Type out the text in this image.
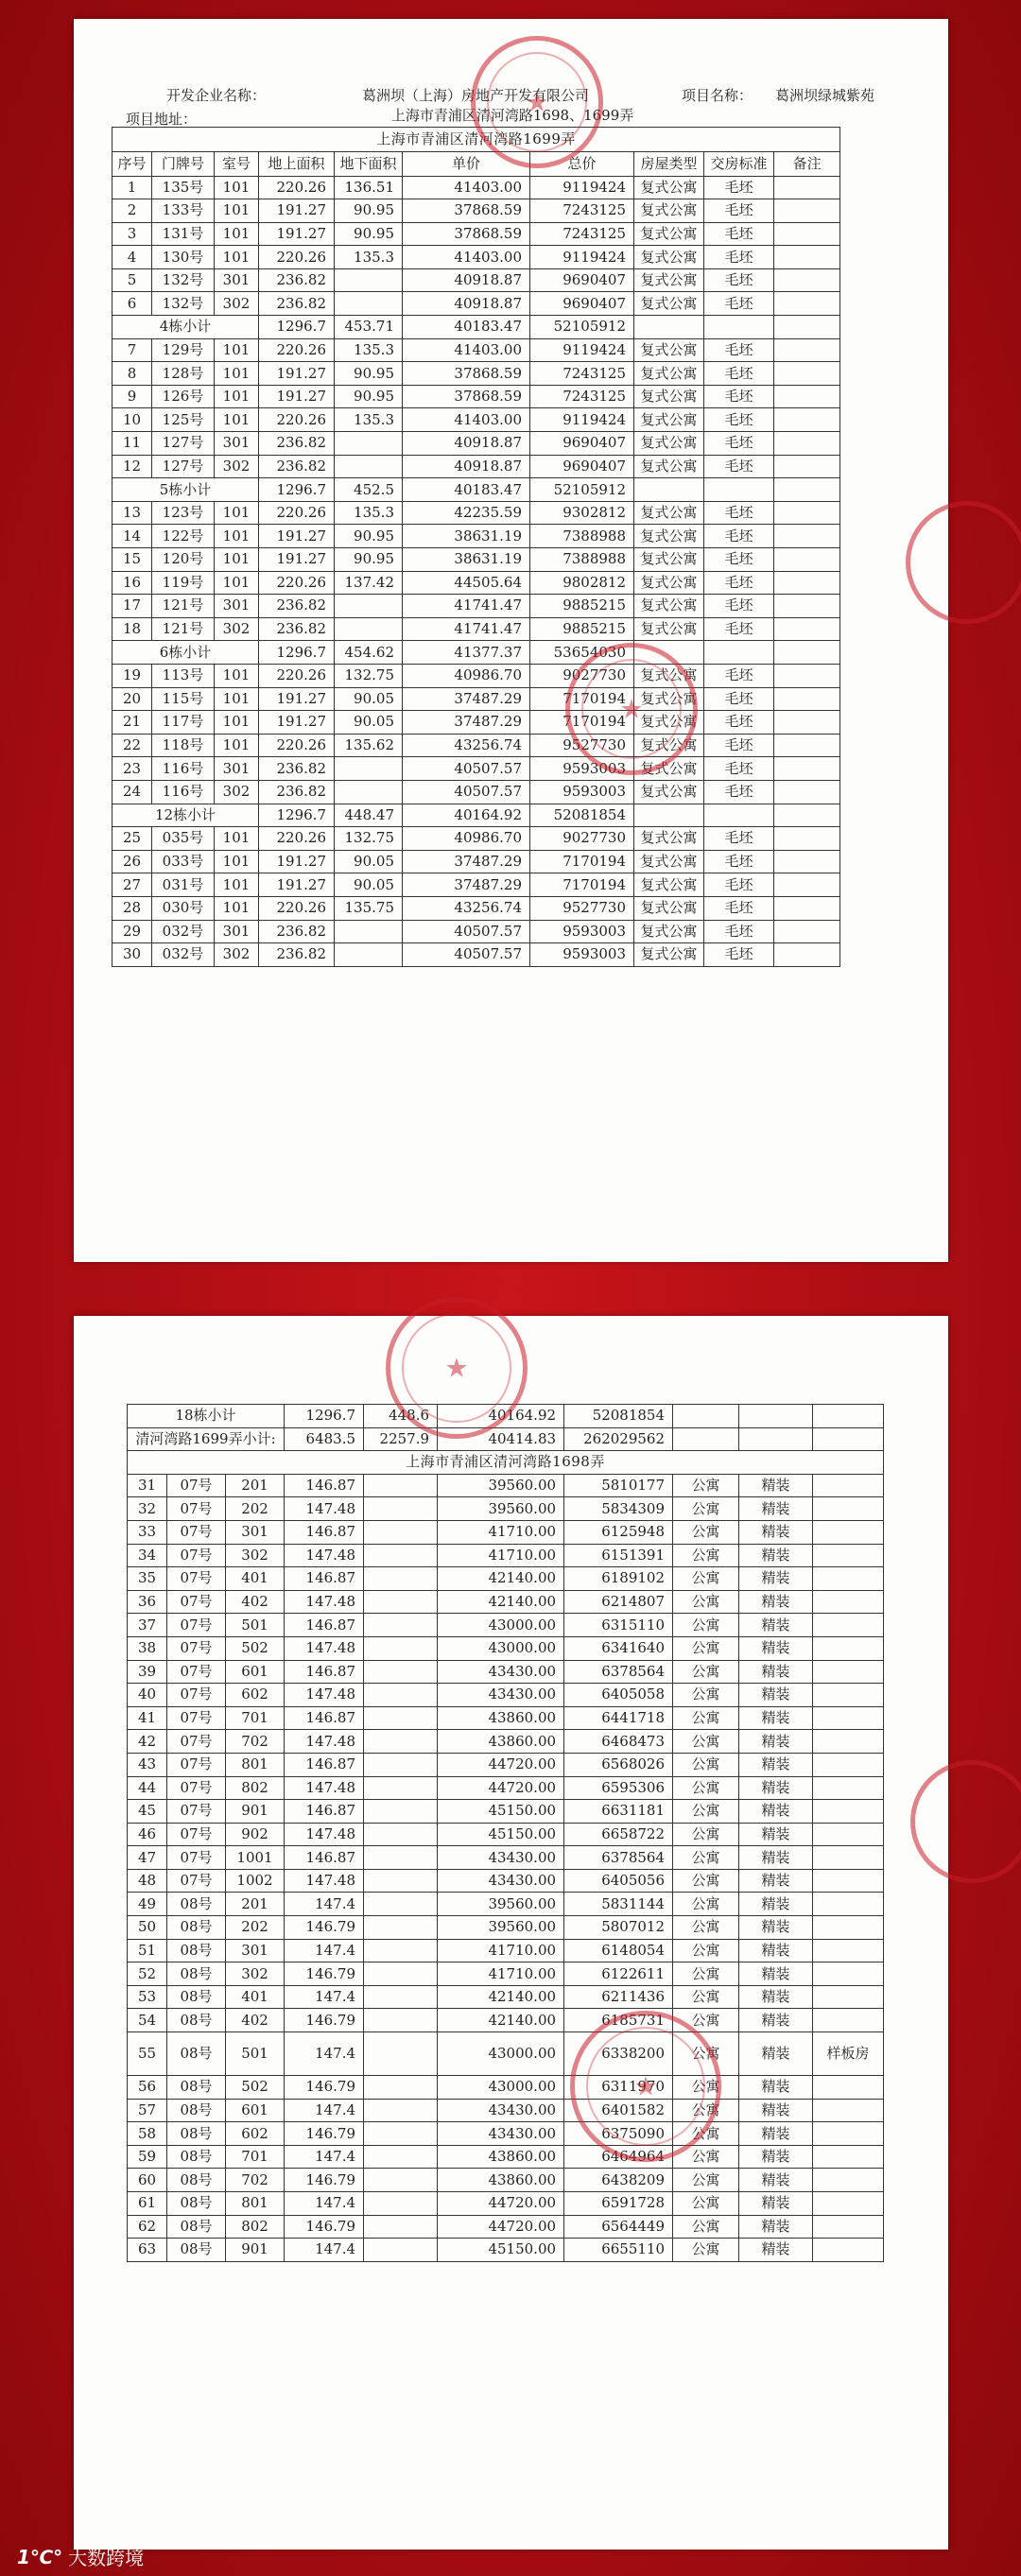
开发企业名称：	葛洲坝（上海）房地产开发有限公司	项目名称： 葛洲坝绿城紫苑
项目地址：	上海市青浦区清河湾路1698、1699弄									
上海市青浦区清河湾路1699弄									
序号	门牌号	室号	地上面积	地下面积	单价	总价	房屋类型	交房标准	备注
1	135号	101	220.26	136.51	41403.00	9119424	复式公寓	毛坯	
2	133号	101	191.27	90.95	37868.59	7243125	复式公寓	毛坯	
3	131号	101	191.27	90.95	37868.59	7243125	复式公寓	毛坯	
4	130号	101	220.26	135.3	41403.00	9119424	复式公寓	毛坯	
5	132号	301	236.82		40918.87	9690407	复式公寓	毛坯	
6	132号	302	236.82		40918.87	9690407	复式公寓	毛坯	
4栋小计			1296.7	453.71	40183.47	52105912			
7	129号	101	220.26	135.3	41403.00	9119424	复式公寓	毛坯	
8	128号	101	191.27	90.95	37868.59	7243125	复式公寓	毛坯	
9	126号	101	191.27	90.95	37868.59	7243125	复式公寓	毛坯	
10	125号	101	220.26	135.3	41403.00	9119424	复式公寓	毛坯	
11	127号	301	236.82		40918.87	9690407	复式公寓	毛坯	
12	127号	302	236.82		40918.87	9690407	复式公寓	毛坯	
5栋小计			1296.7	452.5	40183.47	52105912			
13	123号	101	220.26	135.3	42235.59	9302812	复式公寓	毛坯	
14	122号	101	191.27	90.95	38631.19	7388988	复式公寓	毛坯	
15	120号	101	191.27	90.95	38631.19	7388988	复式公寓	毛坯	
16	119号	101	220.26	137.42	44505.64	9802812	复式公寓	毛坯	
17	121号	301	236.82		41741.47	9885215	复式公寓	毛坯	
18	121号	302	236.82		41741.47	9885215	复式公寓	毛坯	
6栋小计			1296.7	454.62	41377.37	53654030			
19	113号	101	220.26	132.75	40986.70	9027730	复式公寓	毛坯	
20	115号	101	191.27	90.05	37487.29	7170194	复式公寓	毛坯	
21	117号	101	191.27	90.05	37487.29	7170194	复式公寓	毛坯	
22	118号	101	220.26	135.62	43256.74	9527730	复式公寓	毛坯	
23	116号	301	236.82		40507.57	9593003	复式公寓	毛坯	
24	116号	302	236.82		40507.57	9593003	复式公寓	毛坯	
12栋小计			1296.7	448.47	40164.92	52081854			
25	035号	101	220.26	132.75	40986.70	9027730	复式公寓	毛坯	
26	033号	101	191.27	90.05	37487.29	7170194	复式公寓	毛坯	
27	031号	101	191.27	90.05	37487.29	7170194	复式公寓	毛坯	
28	030号	101	220.26	135.75	43256.74	9527730	复式公寓	毛坯	
29	032号	301	236.82		40507.57	9593003	复式公寓	毛坯	
30	032号	302	236.82		40507.57	9593003	复式公寓	毛坯	
★
★
18栋小计			1296.7	448.6	40164.92	52081854			
清河湾路1699弄小计:			6483.5	2257.9	40414.83	262029562			
上海市青浦区清河湾路1698弄									
31	07号	201	146.87		39560.00	5810177	公寓	精装	
32	07号	202	147.48		39560.00	5834309	公寓	精装	
33	07号	301	146.87		41710.00	6125948	公寓	精装	
34	07号	302	147.48		41710.00	6151391	公寓	精装	
35	07号	401	146.87		42140.00	6189102	公寓	精装	
36	07号	402	147.48		42140.00	6214807	公寓	精装	
37	07号	501	146.87		43000.00	6315110	公寓	精装	
38	07号	502	147.48		43000.00	6341640	公寓	精装	
39	07号	601	146.87		43430.00	6378564	公寓	精装	
40	07号	602	147.48		43430.00	6405058	公寓	精装	
41	07号	701	146.87		43860.00	6441718	公寓	精装	
42	07号	702	147.48		43860.00	6468473	公寓	精装	
43	07号	801	146.87		44720.00	6568026	公寓	精装	
44	07号	802	147.48		44720.00	6595306	公寓	精装	
45	07号	901	146.87		45150.00	6631181	公寓	精装	
46	07号	902	147.48		45150.00	6658722	公寓	精装	
47	07号	1001	146.87		43430.00	6378564	公寓	精装	
48	07号	1002	147.48		43430.00	6405056	公寓	精装	
49	08号	201	147.4		39560.00	5831144	公寓	精装	
50	08号	202	146.79		39560.00	5807012	公寓	精装	
51	08号	301	147.4		41710.00	6148054	公寓	精装	
52	08号	302	146.79		41710.00	6122611	公寓	精装	
53	08号	401	147.4		42140.00	6211436	公寓	精装	
54	08号	402	146.79		42140.00	6185731	公寓	精装	
55	08号	501	147.4		43000.00	6338200	公寓	精装	样板房
56	08号	502	146.79		43000.00	6311970	公寓	精装	
57	08号	601	147.4		43430.00	6401582	公寓	精装	
58	08号	602	146.79		43430.00	6375090	公寓	精装	
59	08号	701	147.4		43860.00	6464964	公寓	精装	
60	08号	702	146.79		43860.00	6438209	公寓	精装	
61	08号	801	147.4		44720.00	6591728	公寓	精装	
62	08号	802	146.79		44720.00	6564449	公寓	精装	
63	08号	901	147.4		45150.00	6655110	公寓	精装	
★
★
1℃° 大数跨境
